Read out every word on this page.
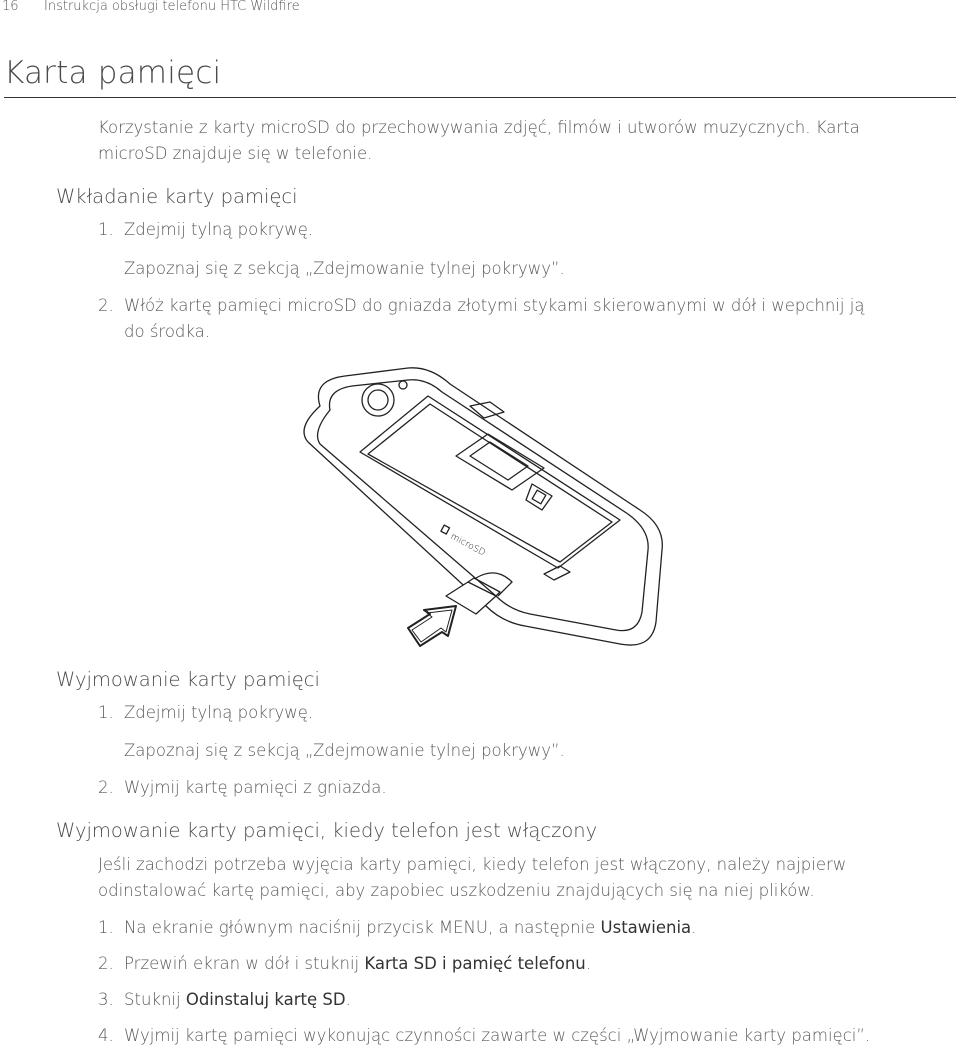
16 Instrukcja obsługi telefonu HTC Wildfire
Karta pamięci
Korzystanie z karty microSD do przechowywania zdjęć, filmów i utworów muzycznych. Karta
microSD znajduje się w telefonie.
Wkładanie karty pamięci
1. Zdejmij tylną pokrywę.
Zapoznaj się z sekcją „Zdejmowanie tylnej pokrywy”.
2. Włóż kartę pamięci microSD do gniazda złotymi stykami skierowanymi w dół i wepchnij ją
do środka.
microSD
Wyjmowanie karty pamięci
1. Zdejmij tylną pokrywę.
Zapoznaj się z sekcją „Zdejmowanie tylnej pokrywy”.
2. Wyjmij kartę pamięci z gniazda.
Wyjmowanie karty pamięci, kiedy telefon jest włączony
Jeśli zachodzi potrzeba wyjęcia karty pamięci, kiedy telefon jest włączony, należy najpierw
odinstalować kartę pamięci, aby zapobiec uszkodzeniu znajdujących się na niej plików.
1. Na ekranie głównym naciśnij przycisk MENU, a następnie Ustawienia.
2. Przewiń ekran w dół i stuknij Karta SD i pamięć telefonu.
3. Stuknij Odinstaluj kartę SD.
4. Wyjmij kartę pamięci wykonując czynności zawarte w części „Wyjmowanie karty pamięci”.
